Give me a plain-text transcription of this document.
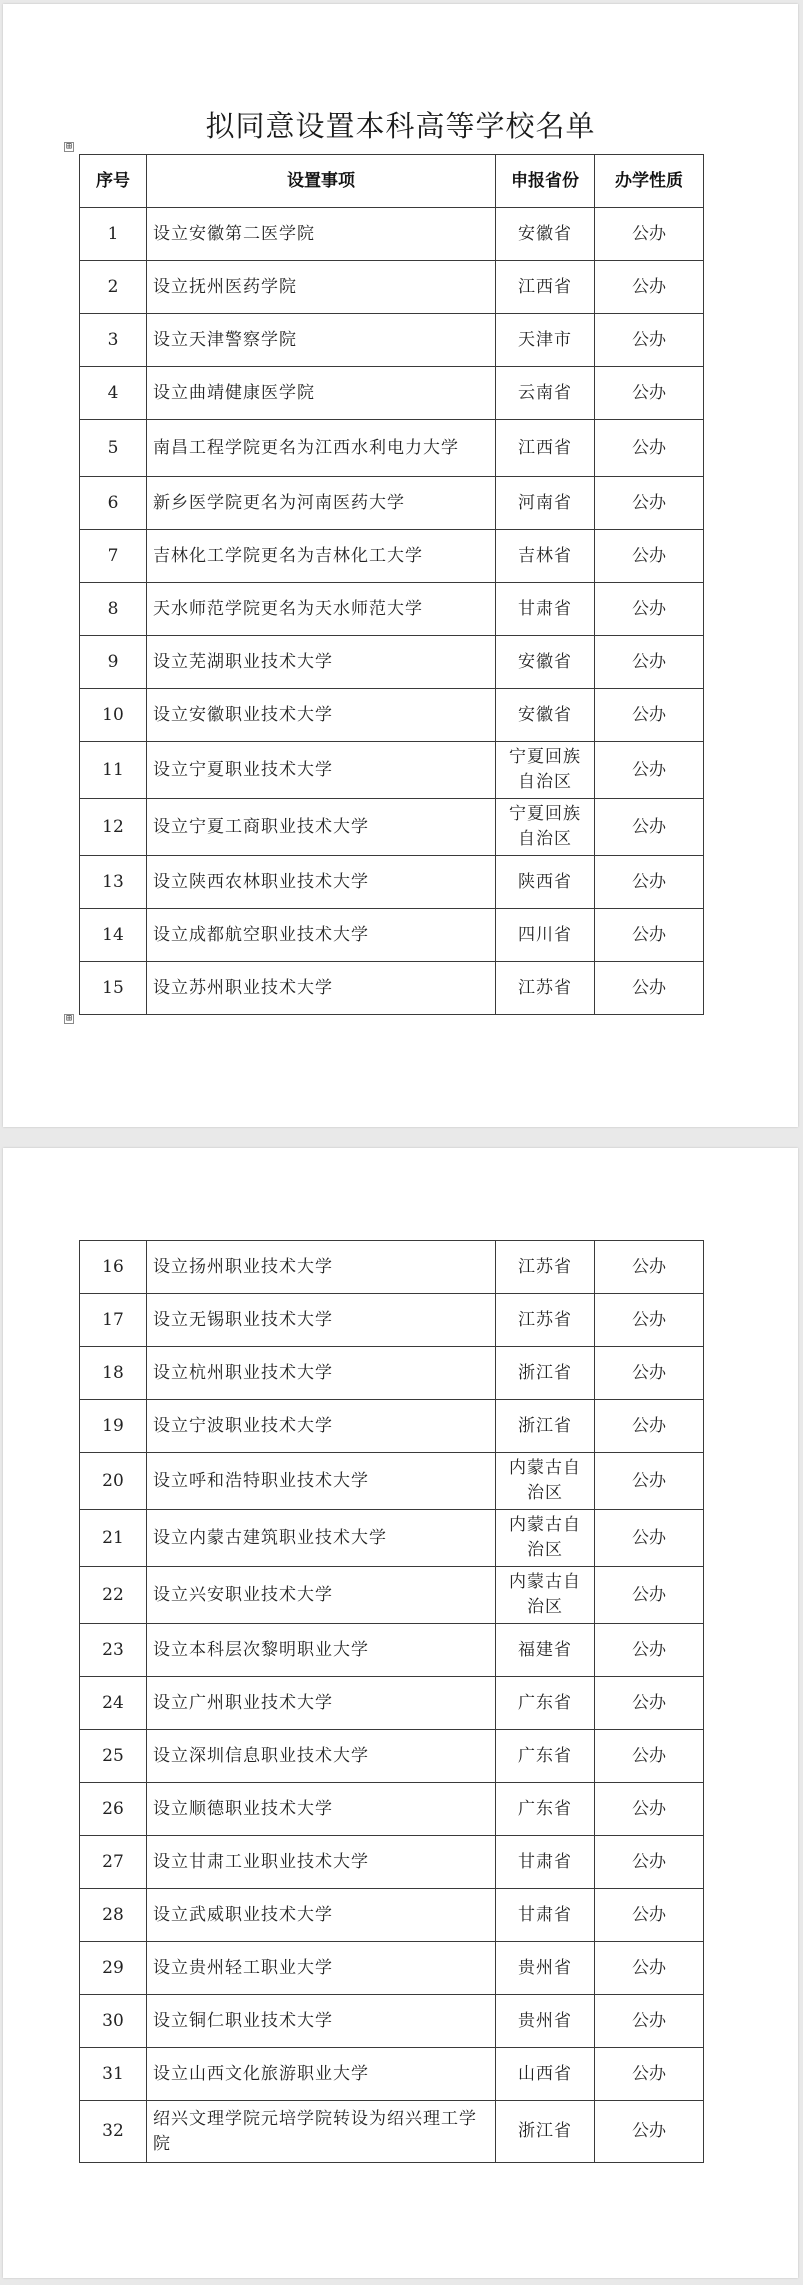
拟同意设置本科高等学校名单
⊞
序号	设置事项	申报省份	办学性质
1	设立安徽第二医学院	安徽省	公办
2	设立抚州医药学院	江西省	公办
3	设立天津警察学院	天津市	公办
4	设立曲靖健康医学院	云南省	公办
5	南昌工程学院更名为江西水利电力大学	江西省	公办
6	新乡医学院更名为河南医药大学	河南省	公办
7	吉林化工学院更名为吉林化工大学	吉林省	公办
8	天水师范学院更名为天水师范大学	甘肃省	公办
9	设立芜湖职业技术大学	安徽省	公办
10	设立安徽职业技术大学	安徽省	公办
11	设立宁夏职业技术大学	宁夏回族自治区	公办
12	设立宁夏工商职业技术大学	宁夏回族自治区	公办
13	设立陕西农林职业技术大学	陕西省	公办
14	设立成都航空职业技术大学	四川省	公办
15	设立苏州职业技术大学	江苏省	公办
⊞
16	设立扬州职业技术大学	江苏省	公办
17	设立无锡职业技术大学	江苏省	公办
18	设立杭州职业技术大学	浙江省	公办
19	设立宁波职业技术大学	浙江省	公办
20	设立呼和浩特职业技术大学	内蒙古自治区	公办
21	设立内蒙古建筑职业技术大学	内蒙古自治区	公办
22	设立兴安职业技术大学	内蒙古自治区	公办
23	设立本科层次黎明职业大学	福建省	公办
24	设立广州职业技术大学	广东省	公办
25	设立深圳信息职业技术大学	广东省	公办
26	设立顺德职业技术大学	广东省	公办
27	设立甘肃工业职业技术大学	甘肃省	公办
28	设立武威职业技术大学	甘肃省	公办
29	设立贵州轻工职业大学	贵州省	公办
30	设立铜仁职业技术大学	贵州省	公办
31	设立山西文化旅游职业大学	山西省	公办
32	绍兴文理学院元培学院转设为绍兴理工学院	浙江省	公办
